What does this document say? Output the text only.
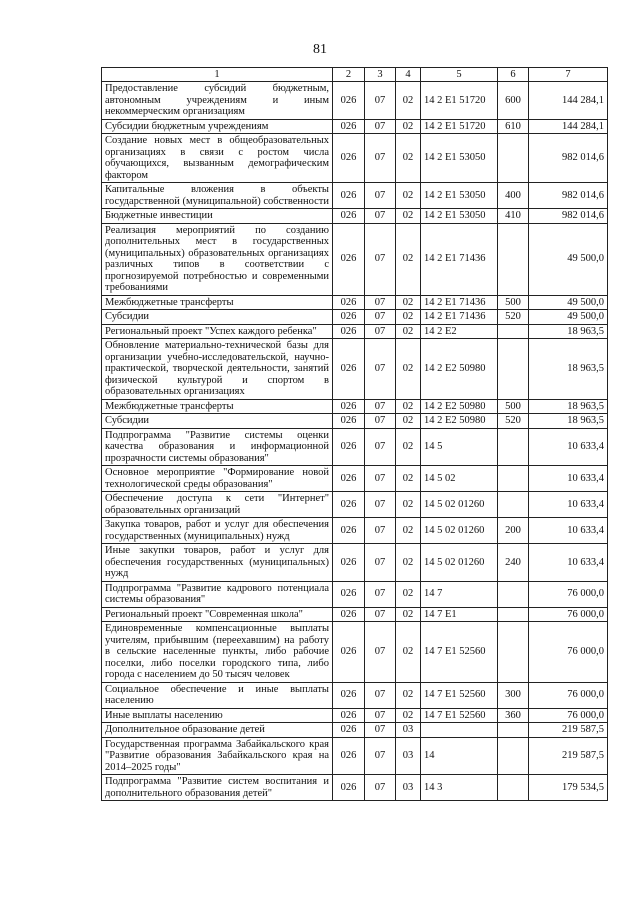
81
1	2	3	4	5	6	7
Предоставление субсидий бюджетным, автономным учреждениям и иным некоммерческим организациям	026	07	02	14 2 E1 51720	600	144 284,1
Субсидии бюджетным учреждениям	026	07	02	14 2 E1 51720	610	144 284,1
Создание новых мест в общеобразовательных организациях в связи с ростом числа обучающихся, вызванным демографическим фактором	026	07	02	14 2 E1 53050		982 014,6
Капитальные вложения в объекты государственной (муниципальной) собственности	026	07	02	14 2 E1 53050	400	982 014,6
Бюджетные инвестиции	026	07	02	14 2 E1 53050	410	982 014,6
Реализация мероприятий по созданию дополнительных мест в государственных (муниципальных) образовательных организациях различных типов в соответствии с прогнозируемой потребностью и современными требованиями	026	07	02	14 2 E1 71436		49 500,0
Межбюджетные трансферты	026	07	02	14 2 E1 71436	500	49 500,0
Субсидии	026	07	02	14 2 E1 71436	520	49 500,0
Региональный проект "Успех каждого ребенка"	026	07	02	14 2 E2		18 963,5
Обновление материально-технической базы для организации учебно-исследовательской, научно-практической, творческой деятельности, занятий физической культурой и спортом в образовательных организациях	026	07	02	14 2 E2 50980		18 963,5
Межбюджетные трансферты	026	07	02	14 2 E2 50980	500	18 963,5
Субсидии	026	07	02	14 2 E2 50980	520	18 963,5
Подпрограмма "Развитие системы оценки качества образования и информационной прозрачности системы образования"	026	07	02	14 5		10 633,4
Основное мероприятие "Формирование новой технологической среды образования"	026	07	02	14 5 02		10 633,4
Обеспечение доступа к сети "Интернет" образовательных организаций	026	07	02	14 5 02 01260		10 633,4
Закупка товаров, работ и услуг для обеспечения государственных (муниципальных) нужд	026	07	02	14 5 02 01260	200	10 633,4
Иные закупки товаров, работ и услуг для обеспечения государственных (муниципальных) нужд	026	07	02	14 5 02 01260	240	10 633,4
Подпрограмма "Развитие кадрового потенциала системы образования"	026	07	02	14 7		76 000,0
Региональный проект "Современная школа"	026	07	02	14 7 E1		76 000,0
Единовременные компенсационные выплаты учителям, прибывшим (переехавшим) на работу в сельские населенные пункты, либо рабочие поселки, либо поселки городского типа, либо города с населением до 50 тысяч человек	026	07	02	14 7 E1 52560		76 000,0
Социальное обеспечение и иные выплаты населению	026	07	02	14 7 E1 52560	300	76 000,0
Иные выплаты населению	026	07	02	14 7 E1 52560	360	76 000,0
Дополнительное образование детей	026	07	03			219 587,5
Государственная программа Забайкальского края "Развитие образования Забайкальского края на 2014–2025 годы"	026	07	03	14		219 587,5
Подпрограмма "Развитие систем воспитания и дополнительного образования детей"	026	07	03	14 3		179 534,5
